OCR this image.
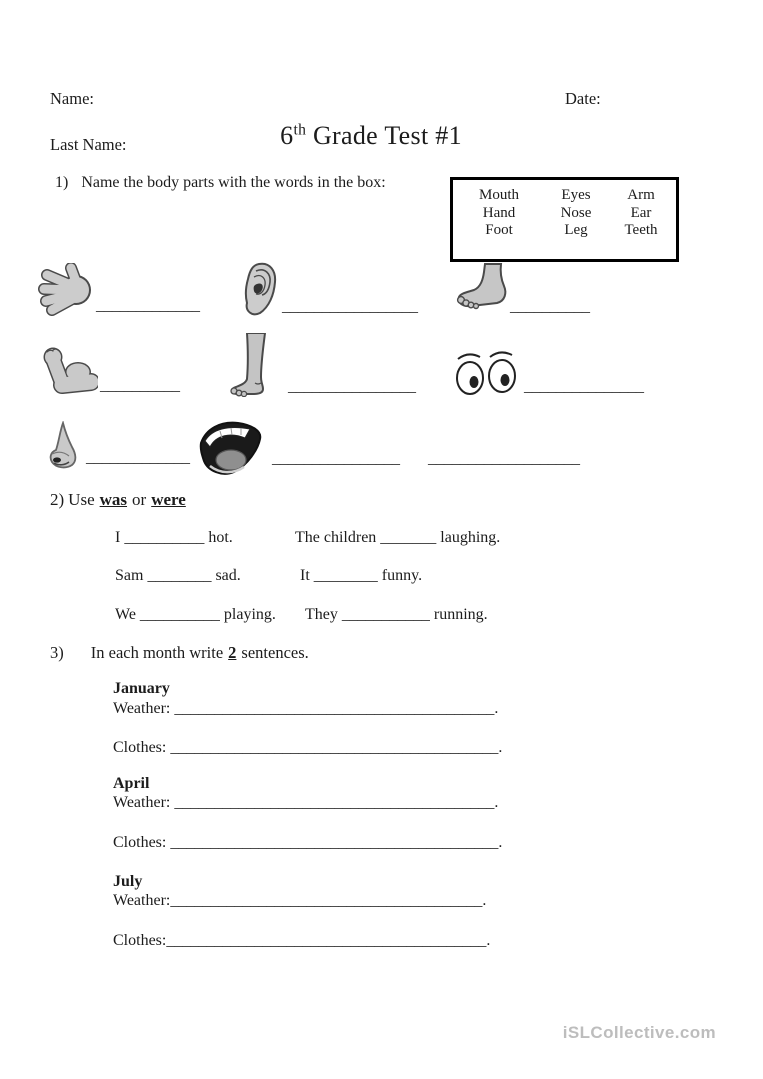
Name:	Date:
Last Name:	6th Grade Test #1
1) Name the body parts with the words in the box:
Mouth	Eyes	Arm
Hand	Nose	Ear
Foot	Leg	Teeth
_____________	_________________	__________
__________	________________	_______________
_____________	________________ ___________________
2) Use was or were
I __________ hot.	The children _______ laughing.
Sam ________ sad.	It ________ funny.
We __________ playing. They ___________ running.
3) In each month write 2 sentences.
January
Weather: ________________________________________.
Clothes: _________________________________________.
April
Weather: ________________________________________.
Clothes: _________________________________________.
July
Weather:_______________________________________.
Clothes:________________________________________.
iSLCollective.com
